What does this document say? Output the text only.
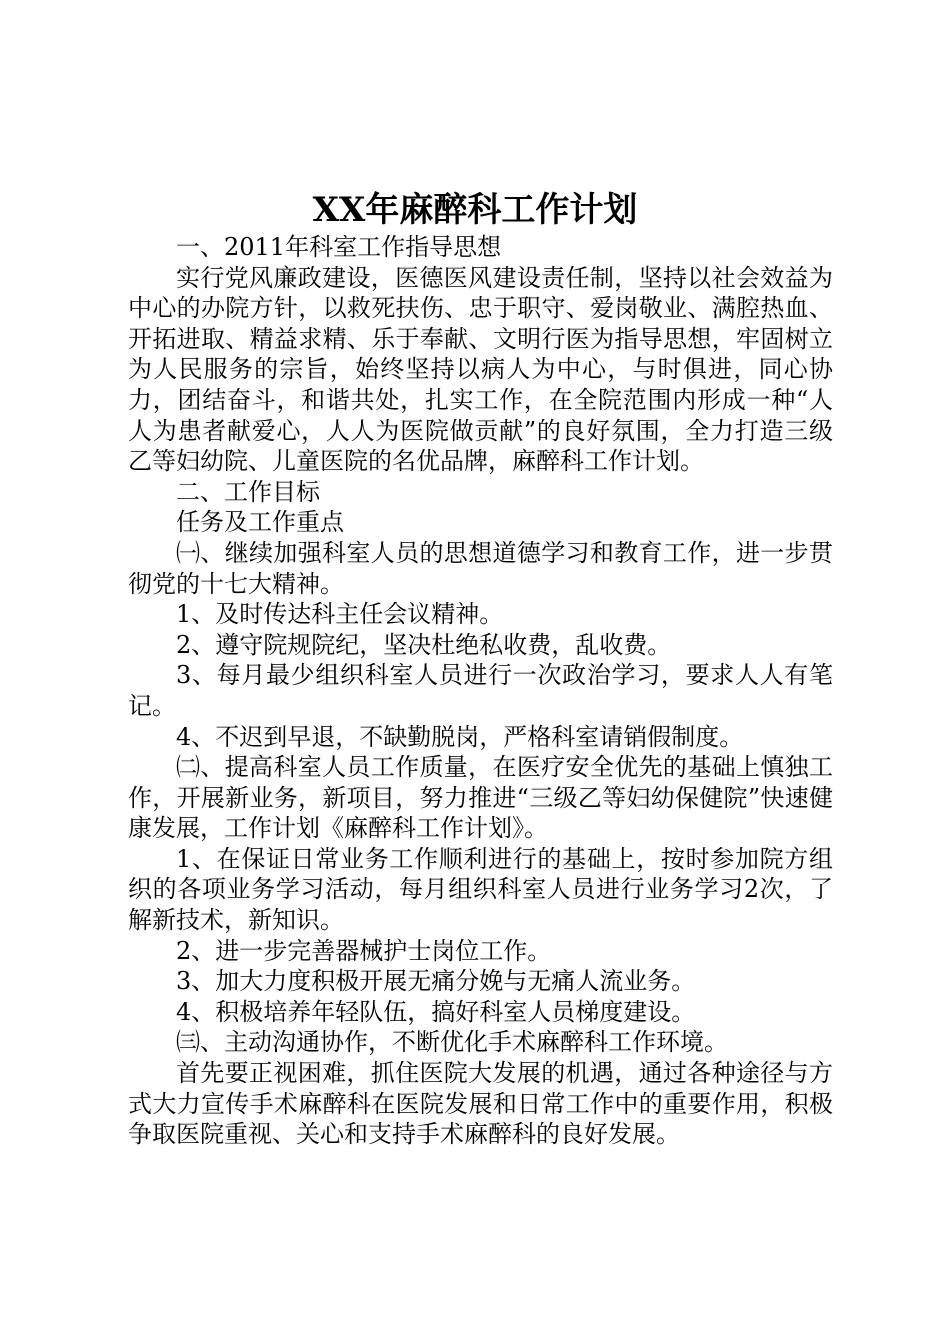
XX年麻醉科工作计划

一、2011年科室工作指导思想

实行党风廉政建设，医德医风建设责任制，坚持以社会效益为中心的办院方针，以救死扶伤、忠于职守、爱岗敬业、满腔热血、开拓进取、精益求精、乐于奉献、文明行医为指导思想，牢固树立为人民服务的宗旨，始终坚持以病人为中心，与时俱进，同心协力，团结奋斗，和谐共处，扎实工作，在全院范围内形成一种“人人为患者献爱心，人人为医院做贡献”的良好氛围，全力打造三级乙等妇幼院、儿童医院的名优品牌，麻醉科工作计划。

二、工作目标

任务及工作重点

㈠、继续加强科室人员的思想道德学习和教育工作，进一步贯彻党的十七大精神。

1、及时传达科主任会议精神。

2、遵守院规院纪，坚决杜绝私收费，乱收费。

3、每月最少组织科室人员进行一次政治学习，要求人人有笔记。

4、不迟到早退，不缺勤脱岗，严格科室请销假制度。

㈡、提高科室人员工作质量，在医疗安全优先的基础上慎独工作，开展新业务，新项目，努力推进“三级乙等妇幼保健院”快速健康发展，工作计划《麻醉科工作计划》。

1、在保证日常业务工作顺利进行的基础上，按时参加院方组织的各项业务学习活动，每月组织科室人员进行业务学习2次，了解新技术，新知识。

2、进一步完善器械护士岗位工作。

3、加大力度积极开展无痛分娩与无痛人流业务。

4、积极培养年轻队伍，搞好科室人员梯度建设。

㈢、主动沟通协作，不断优化手术麻醉科工作环境。

首先要正视困难，抓住医院大发展的机遇，通过各种途径与方式大力宣传手术麻醉科在医院发展和日常工作中的重要作用，积极争取医院重视、关心和支持手术麻醉科的良好发展。
